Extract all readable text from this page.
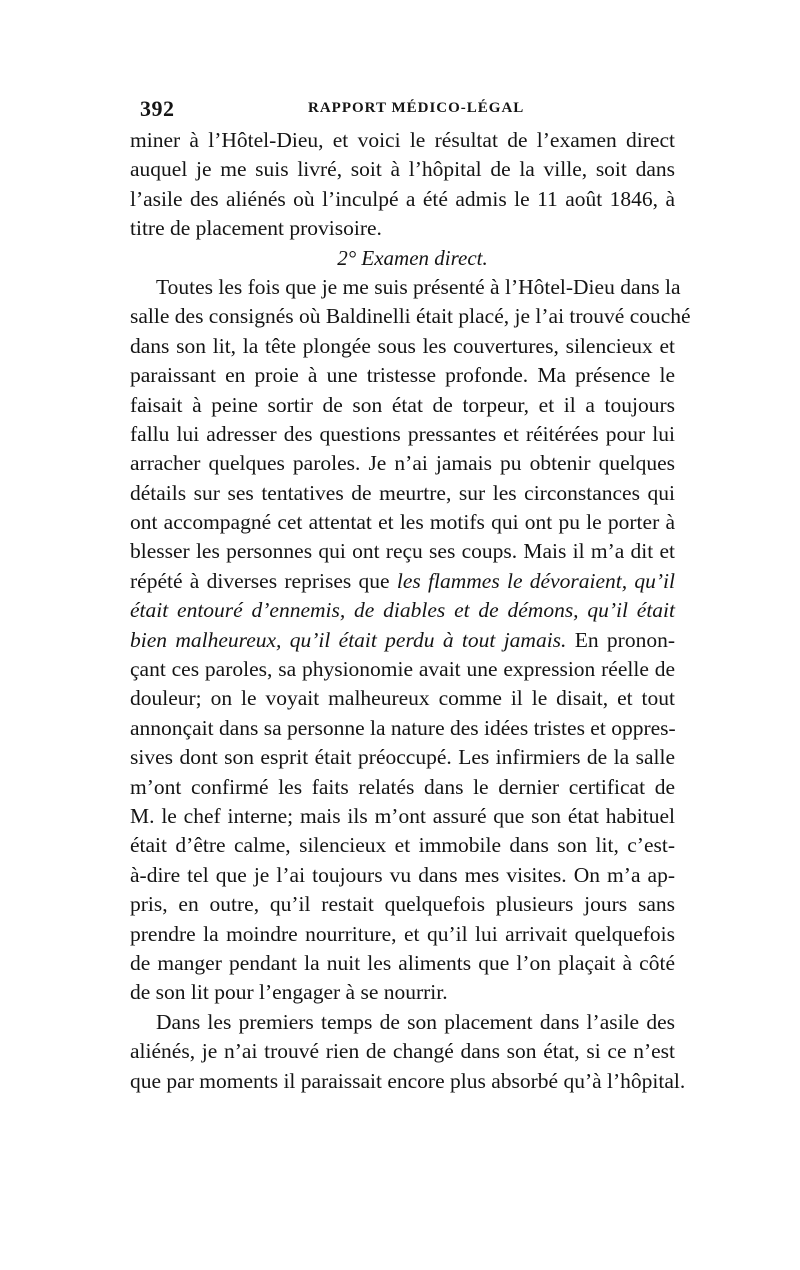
392	RAPPORT MÉDICO-LÉGAL
miner à l’Hôtel-Dieu, et voici le résultat de l’examen direct
auquel je me suis livré, soit à l’hôpital de la ville, soit dans
l’asile des aliénés où l’inculpé a été admis le 11 août 1846, à
titre de placement provisoire.
2° Examen direct.
Toutes les fois que je me suis présenté à l’Hôtel-Dieu dans la
salle des consignés où Baldinelli était placé, je l’ai trouvé couché
dans son lit, la tête plongée sous les couvertures, silencieux et
paraissant en proie à une tristesse profonde. Ma présence le
faisait à peine sortir de son état de torpeur, et il a toujours
fallu lui adresser des questions pressantes et réitérées pour lui
arracher quelques paroles. Je n’ai jamais pu obtenir quelques
détails sur ses tentatives de meurtre, sur les circonstances qui
ont accompagné cet attentat et les motifs qui ont pu le porter à
blesser les personnes qui ont reçu ses coups. Mais il m’a dit et
répété à diverses reprises que les flammes le dévoraient, qu’il
était entouré d’ennemis, de diables et de démons, qu’il était
bien malheureux, qu’il était perdu à tout jamais. En pronon-
çant ces paroles, sa physionomie avait une expression réelle de
douleur; on le voyait malheureux comme il le disait, et tout
annonçait dans sa personne la nature des idées tristes et oppres-
sives dont son esprit était préoccupé. Les infirmiers de la salle
m’ont confirmé les faits relatés dans le dernier certificat de
M. le chef interne; mais ils m’ont assuré que son état habituel
était d’être calme, silencieux et immobile dans son lit, c’est-
à-dire tel que je l’ai toujours vu dans mes visites. On m’a ap-
pris, en outre, qu’il restait quelquefois plusieurs jours sans
prendre la moindre nourriture, et qu’il lui arrivait quelquefois
de manger pendant la nuit les aliments que l’on plaçait à côté
de son lit pour l’engager à se nourrir.
Dans les premiers temps de son placement dans l’asile des
aliénés, je n’ai trouvé rien de changé dans son état, si ce n’est
que par moments il paraissait encore plus absorbé qu’à l’hôpital.
